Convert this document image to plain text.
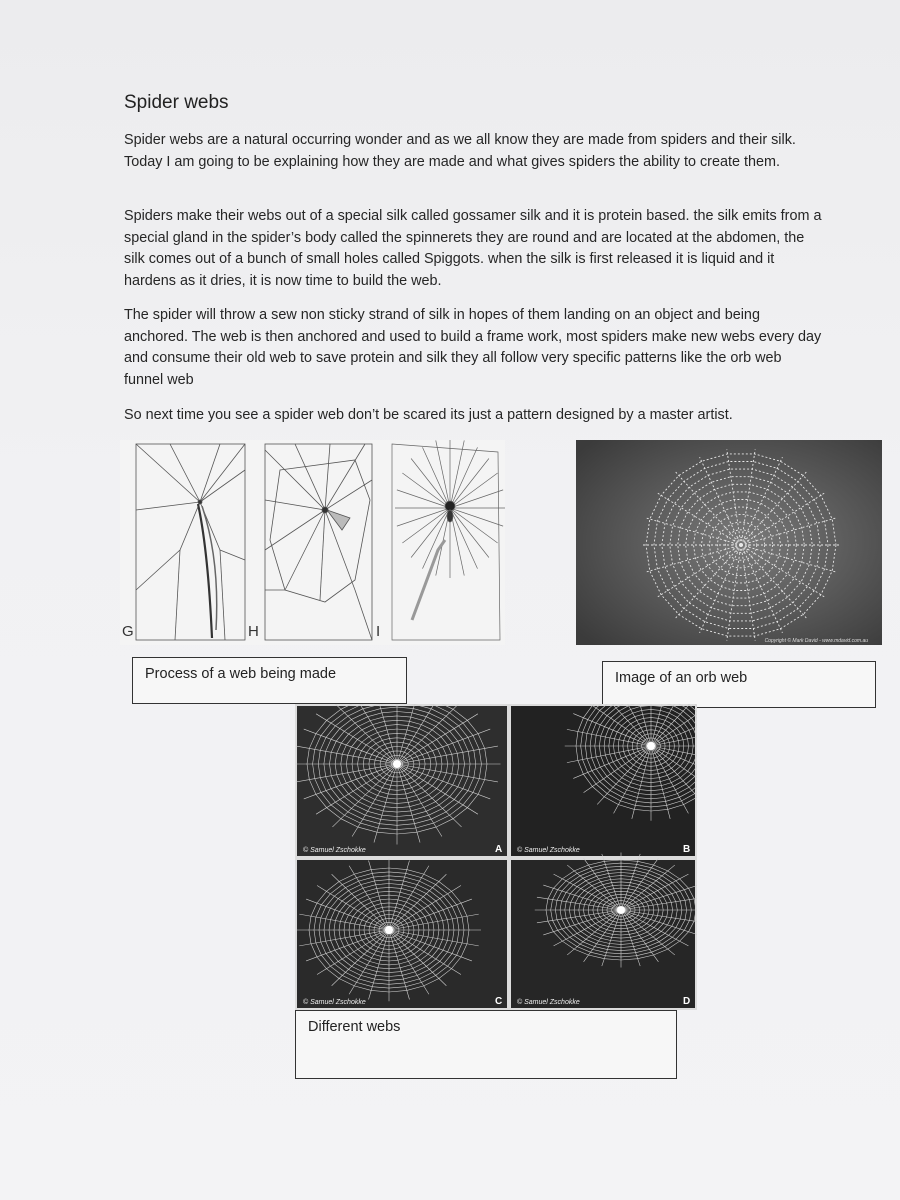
Spider webs

Spider webs are a natural occurring wonder and as we all know they are made from spiders and their silk. Today I am going to be explaining how they are made and what gives spiders the ability to create them.

Spiders make their webs out of a special silk called gossamer silk and it is protein based. the silk emits from a special gland in the spider’s body called the spinnerets they are round and are located at the abdomen, the silk comes out of a bunch of small holes called Spiggots. when the silk is first released it is liquid and it hardens as it dries, it is now time to build the web.

The spider will throw a sew non sticky strand of silk in hopes of them landing on an object and being anchored. The web is then anchored and used to build a frame work, most spiders make new webs every day and consume their old web to save protein and silk they all follow very specific patterns like the orb web funnel web

So next time you see a spider web don’t be scared its just a pattern designed by a master artist.

G	H	I
Copyright © Mark David - www.mdavid.com.au
Process of a web being made	Image of an orb web
© Samuel Zschokke	A © Samuel Zschokke	B
© Samuel Zschokke	C © Samuel Zschokke	D
Different webs
